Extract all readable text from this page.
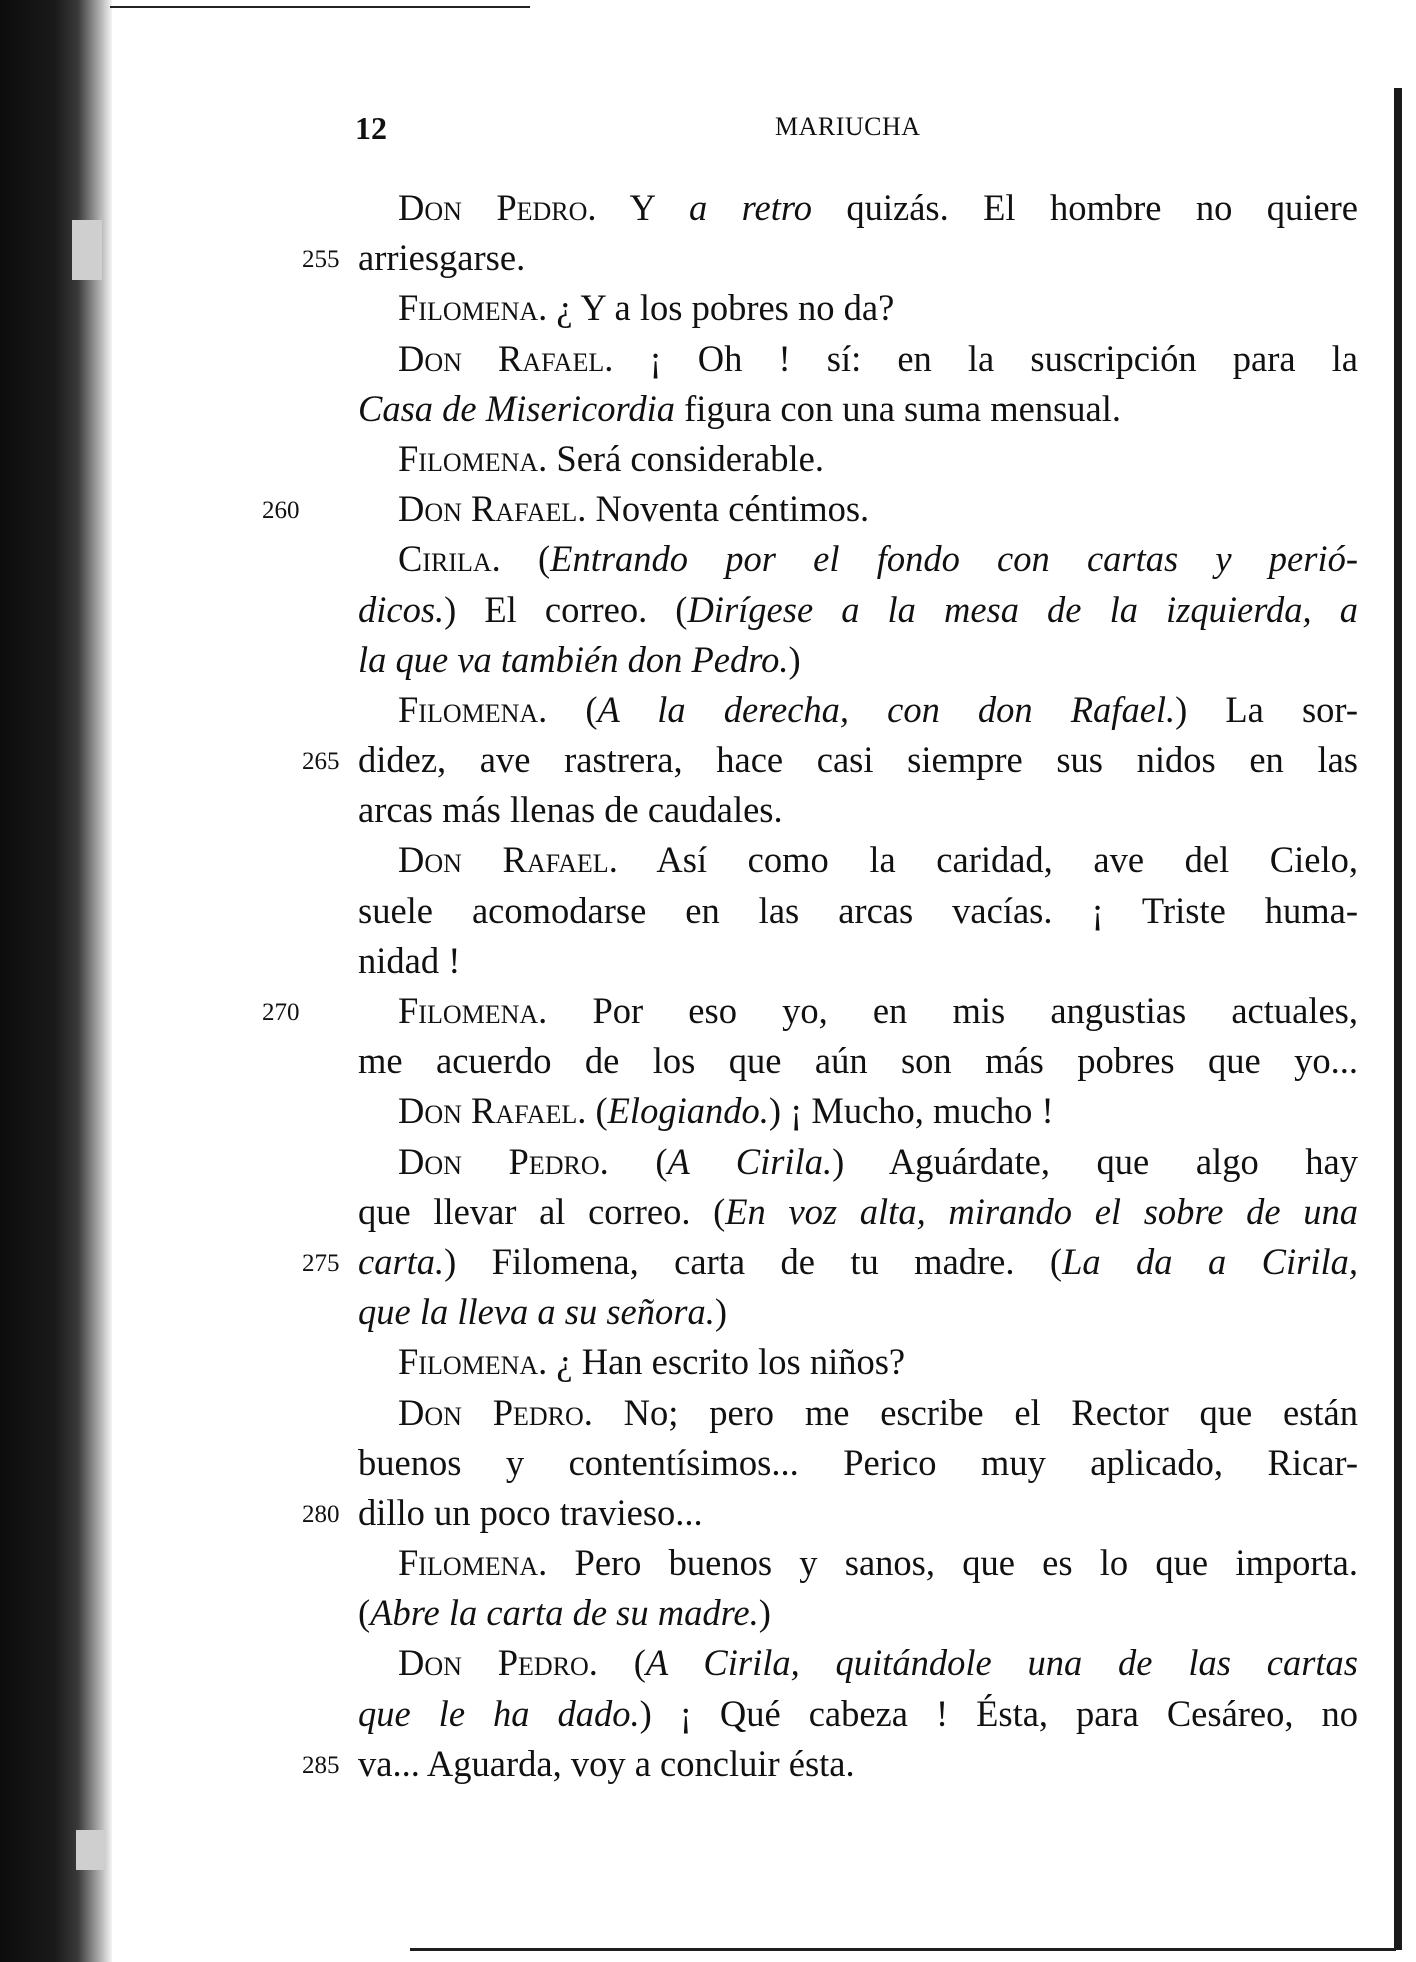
12	MARIUCHA
Don Pedro. Y a retro quizás. El hombre no quiere
255 arriesgarse.
Filomena. ¿ Y a los pobres no da?
Don Rafael. ¡ Oh ! sí: en la suscripción para la
Casa de Misericordia figura con una suma mensual.
Filomena. Será considerable.
260	Don Rafael. Noventa céntimos.
Cirila. (Entrando por el fondo con cartas y perió-
dicos.) El correo. (Dirígese a la mesa de la izquierda, a
la que va también don Pedro.)
Filomena. (A la derecha, con don Rafael.) La sor-
265 didez, ave rastrera, hace casi siempre sus nidos en las
arcas más llenas de caudales.
Don Rafael. Así como la caridad, ave del Cielo,
suele acomodarse en las arcas vacías. ¡ Triste huma-
nidad !
270	Filomena. Por eso yo, en mis angustias actuales,
me acuerdo de los que aún son más pobres que yo...
Don Rafael. (Elogiando.) ¡ Mucho, mucho !
Don Pedro. (A Cirila.) Aguárdate, que algo hay
que llevar al correo. (En voz alta, mirando el sobre de una
275 carta.) Filomena, carta de tu madre. (La da a Cirila,
que la lleva a su señora.)
Filomena. ¿ Han escrito los niños?
Don Pedro. No; pero me escribe el Rector que están
buenos y contentísimos... Perico muy aplicado, Ricar-
280 dillo un poco travieso...
Filomena. Pero buenos y sanos, que es lo que importa.
(Abre la carta de su madre.)
Don Pedro. (A Cirila, quitándole una de las cartas
que le ha dado.) ¡ Qué cabeza ! Ésta, para Cesáreo, no
285 va... Aguarda, voy a concluir ésta.
